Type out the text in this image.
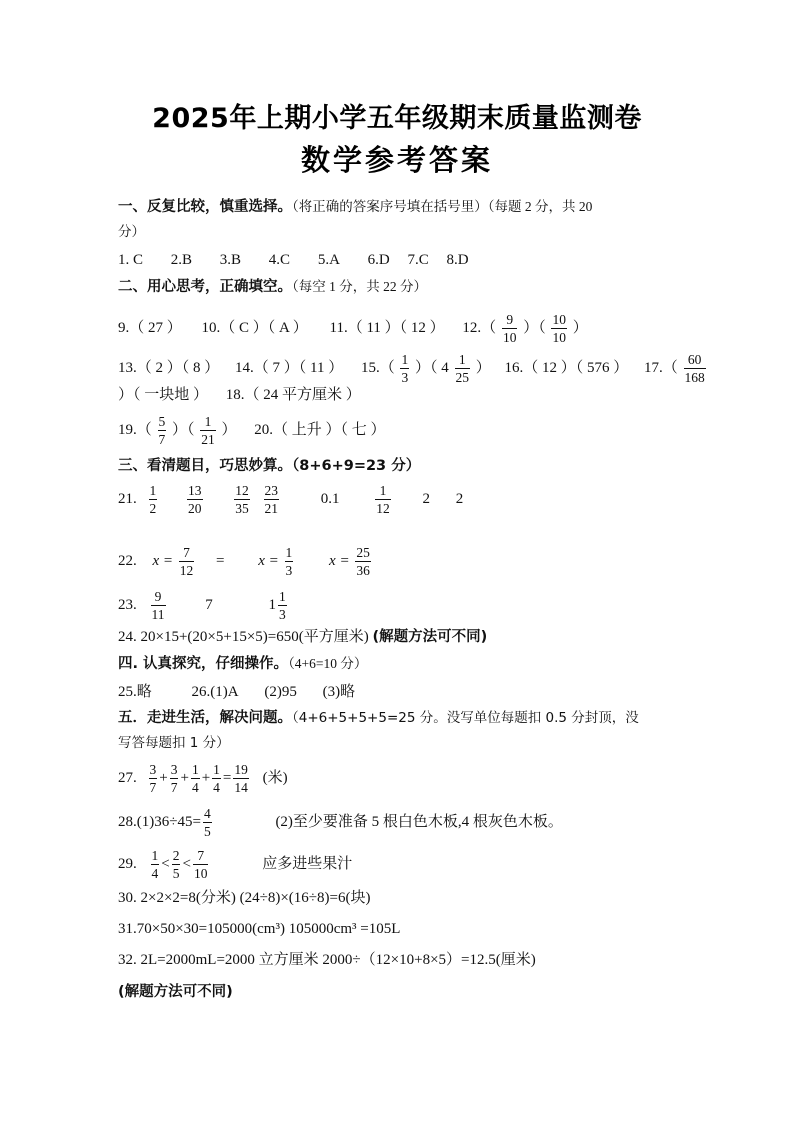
2025年上期小学五年级期末质量监测卷
数学参考答案
一、反复比较，慎重选择。（将正确的答案序号填在括号里）（每题 2 分，共 20
分）
1. C 2.B 3.B 4.C 5.A 6.D 7.C 8.D
二、用心思考，正确填空。（每空 1 分，共 22 分）
9.（ 27 ） 10.（ C ）（ A ） 11.（ 11 ）（ 12 ） $12.( \frac{9}{10}$ ）（ $\frac{10}{10}$ ）
13.（ 2 ）（ 8 ） 14.（ 7 ）（ 11 ） $15.( \frac{1}{3}$ ）（ $4 \frac{1}{25}$ ） 16.（ 12 ）（ 576 ） $17.( \frac{60}{168}$
）（ 一块地 ） 18.（ 24 平方厘米 ）
$19.( \frac{5}{7}$ ）（ $\frac{1}{21}$ ） 20.（ 上升 ）（ 七 ）
三、看清题目，巧思妙算。（8+6+9=23 分）
21. $\frac{1}{2}$
$\frac{13}{20}$
$\frac{12}{35}$
$\frac{23}{21}$	0.1	$\frac{1}{12} 2$ 2
22. $x = \frac{7}{12} = x = \frac{1}{3}$ $x = \frac{25}{36}$
23. $\frac{9}{11}$	7	$1 \frac{1}{3}$
24. 20×15+(20×5+15×5)=650(平方厘米) (解题方法可不同)
四. 认真探究，仔细操作。（4+6=10 分）
25.略	26.(1)A (2)95 (3)略
五．走进生活，解决问题。（4+6+5+5+5=25 分。没写单位每题扣 0.5 分封顶，没
写答每题扣 1 分）
27. $\frac{3}{7} + \frac{3}{7} + \frac{1}{4} + \frac{1}{4} = \frac{19}{14}$ (米)
$28.(1)36\div 45= \frac{4}{5}$	(2)至少要准备 5 根白色木板,4 根灰色木板。
29. $\frac{1}{4} < \frac{2}{5} < \frac{7}{10}$	应多进些果汁
30. 2×2×2=8(分米) (24÷8)×(16÷8)=6(块)
31.70×50×30=105000(cm³) 105000cm³ =105L
32. 2L=2000mL=2000 立方厘米 2000÷（12×10+8×5）=12.5(厘米)
(解题方法可不同)
